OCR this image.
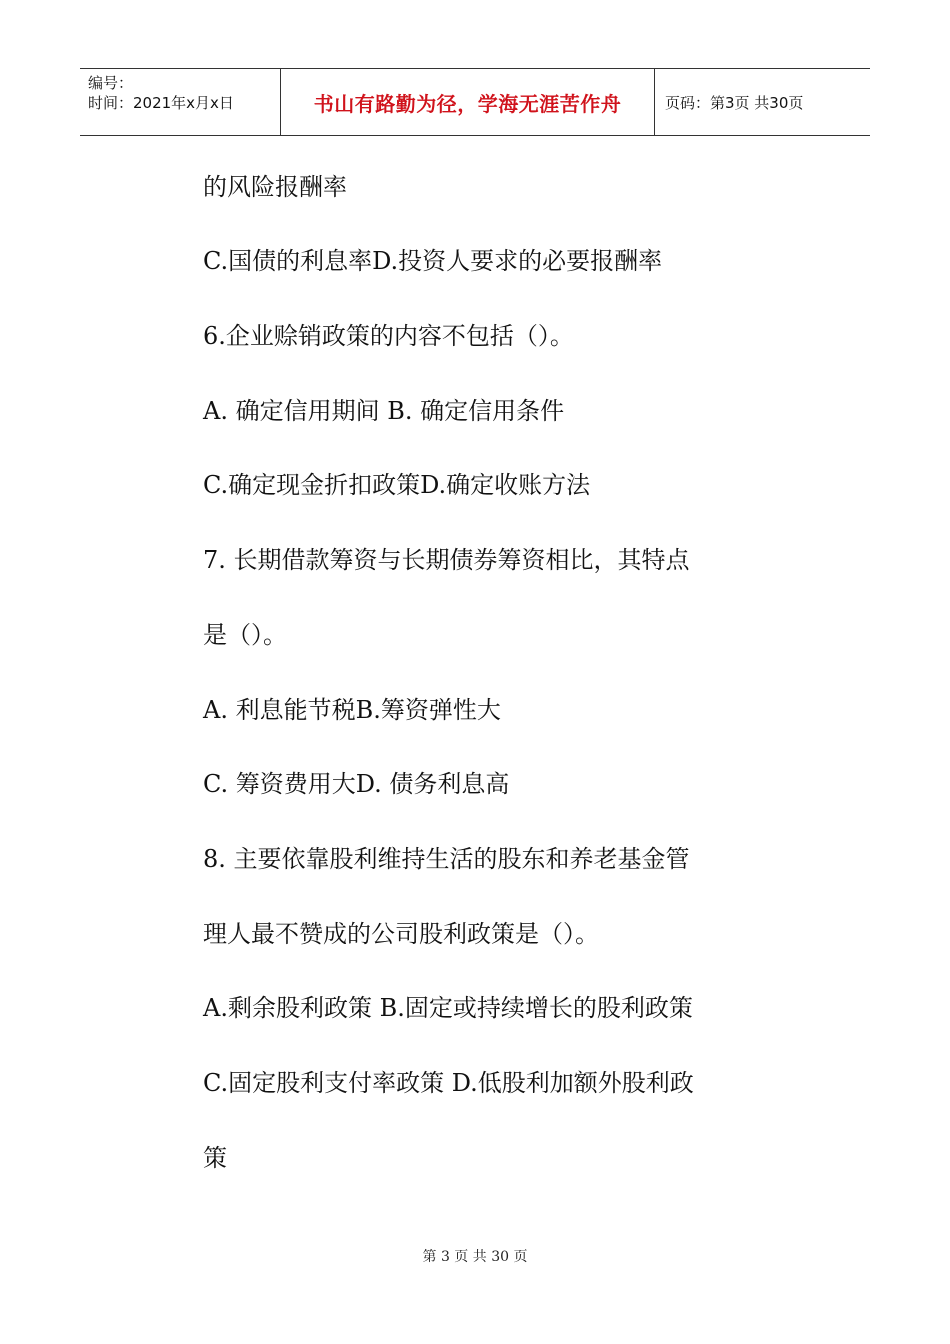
编号：
时间：2021年x月x日	书山有路勤为径，学海无涯苦作舟	页码：第3页 共30页
的风险报酬率
C.国债的利息率D.投资人要求的必要报酬率
6.企业赊销政策的内容不包括（）。
A. 确定信用期间 B. 确定信用条件
C.确定现金折扣政策D.确定收账方法
7. 长期借款筹资与长期债券筹资相比，其特点
是（）。
A. 利息能节税B.筹资弹性大
C. 筹资费用大D. 债务利息高
8. 主要依靠股利维持生活的股东和养老基金管
理人最不赞成的公司股利政策是（）。
A.剩余股利政策 B.固定或持续增长的股利政策
C.固定股利支付率政策 D.低股利加额外股利政
策
第 3 页 共 30 页
